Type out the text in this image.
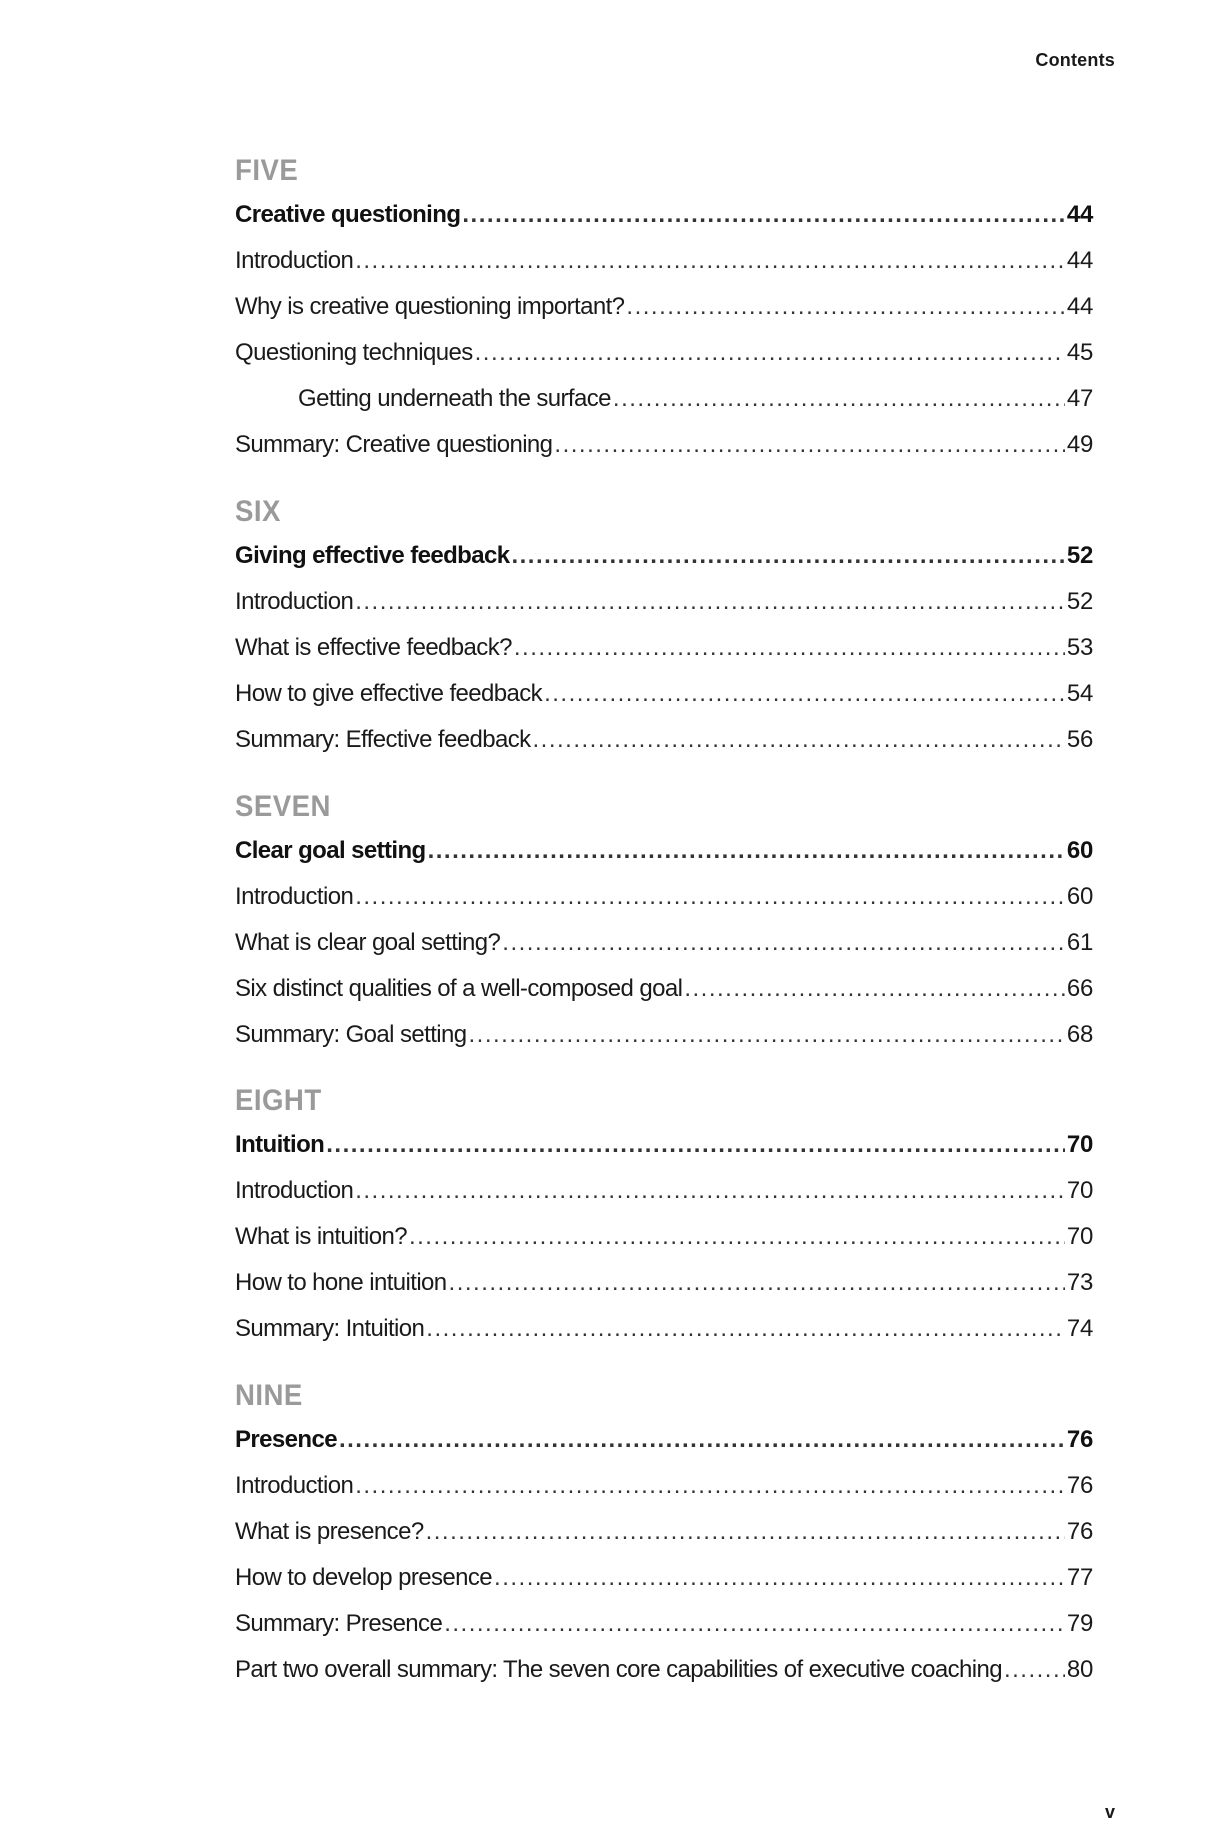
Contents
FIVE
Creative questioning .....	44
Introduction .....	44
Why is creative questioning important? .....	44
Questioning techniques .....	45
Getting underneath the surface .....	47
Summary: Creative questioning .....	49
SIX
Giving effective feedback .....	52
Introduction .....	52
What is effective feedback? .....	53
How to give effective feedback .....	54
Summary: Effective feedback .....	56
SEVEN
Clear goal setting .....	60
Introduction .....	60
What is clear goal setting? .....	61
Six distinct qualities of a well-composed goal .....	66
Summary: Goal setting .....	68
EIGHT
Intuition .....	70
Introduction .....	70
What is intuition? .....	70
How to hone intuition .....	73
Summary: Intuition .....	74
NINE
Presence .....	76
Introduction .....	76
What is presence? .....	76
How to develop presence .....	77
Summary: Presence .....	79
Part two overall summary: The seven core capabilities of executive coaching .....	80
v
